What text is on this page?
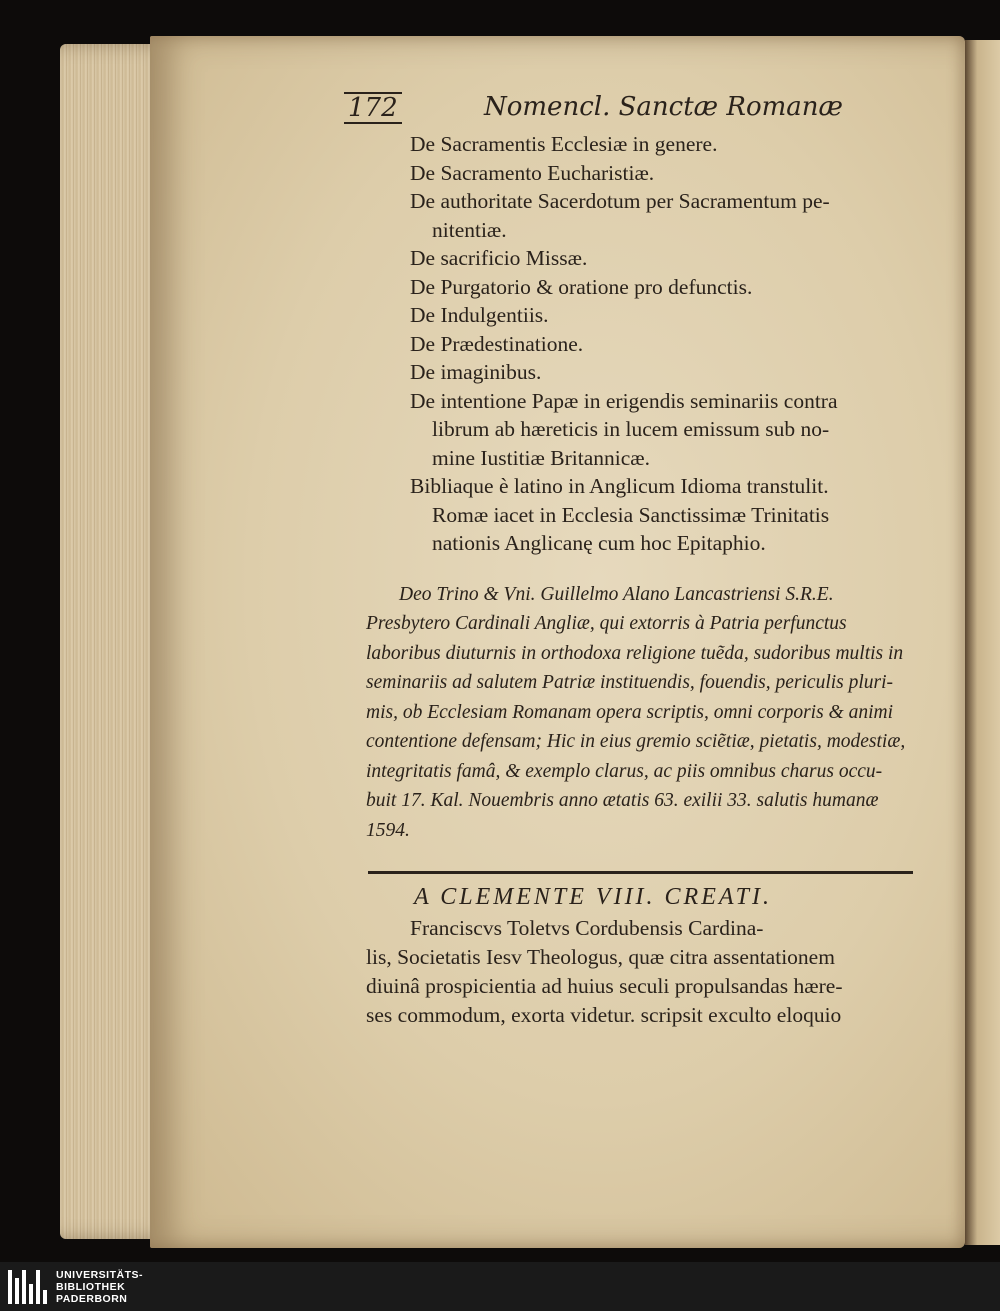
172	Nomencl. Sanctæ Romanæ
De Sacramentis Ecclesiæ in genere.
De Sacramento Eucharistiæ.
De authoritate Sacerdotum per Sacramentum pe-
nitentiæ.
De sacrificio Missæ.
De Purgatorio & oratione pro defunctis.
De Indulgentiis.
De Prædestinatione.
De imaginibus.
De intentione Papæ in erigendis seminariis contra
librum ab hæreticis in lucem emissum sub no-
mine Iustitiæ Britannicæ.
Bibliaque è latino in Anglicum Idioma transtulit.
Romæ iacet in Ecclesia Sanctissimæ Trinitatis
nationis Anglicanę cum hoc Epitaphio.
Deo Trino & Vni. Guillelmo Alano Lancastriensi S.R.E.
Presbytero Cardinali Angliæ, qui extorris à Patria perfunctus
laboribus diuturnis in orthodoxa religione tuẽda, sudoribus multis in
seminariis ad salutem Patriæ instituendis, fouendis, periculis pluri-
mis, ob Ecclesiam Romanam opera scriptis, omni corporis & animi
contentione defensam; Hic in eius gremio sciẽtiæ, pietatis, modestiæ,
integritatis famâ, & exemplo clarus, ac piis omnibus charus occu-
buit 17. Kal. Nouembris anno ætatis 63. exilii 33. salutis humanæ
1594.
A CLEMENTE VIII. CREATI.
Franciscvs Toletvs Cordubensis Cardina-
lis, Societatis Iesv Theologus, quæ citra assentationem
diuinâ prospicientia ad huius seculi propulsandas hære-
ses commodum, exorta videtur. scripsit exculto eloquio
UNIVERSITÄTS-
BIBLIOTHEK
PADERBORN
